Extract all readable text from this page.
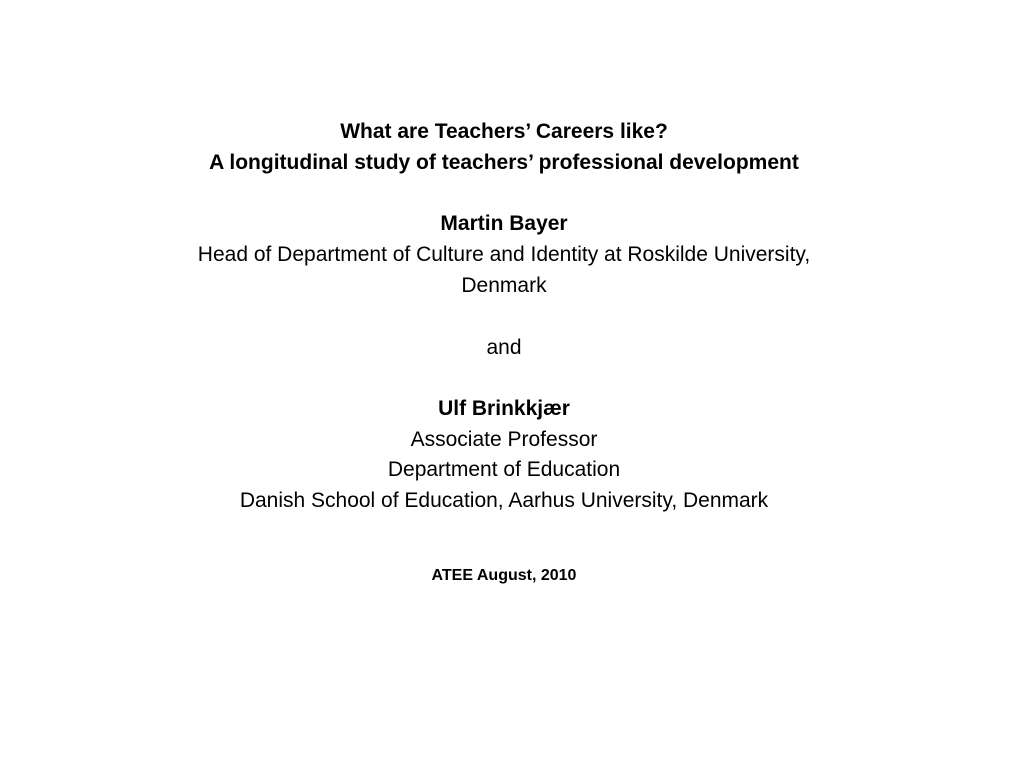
What are Teachers’ Careers like?
A longitudinal study of teachers’ professional development
Martin Bayer
Head of Department of Culture and Identity at Roskilde University,
Denmark
and
Ulf Brinkkjær
Associate Professor
Department of Education
Danish School of Education, Aarhus University, Denmark
ATEE August, 2010
